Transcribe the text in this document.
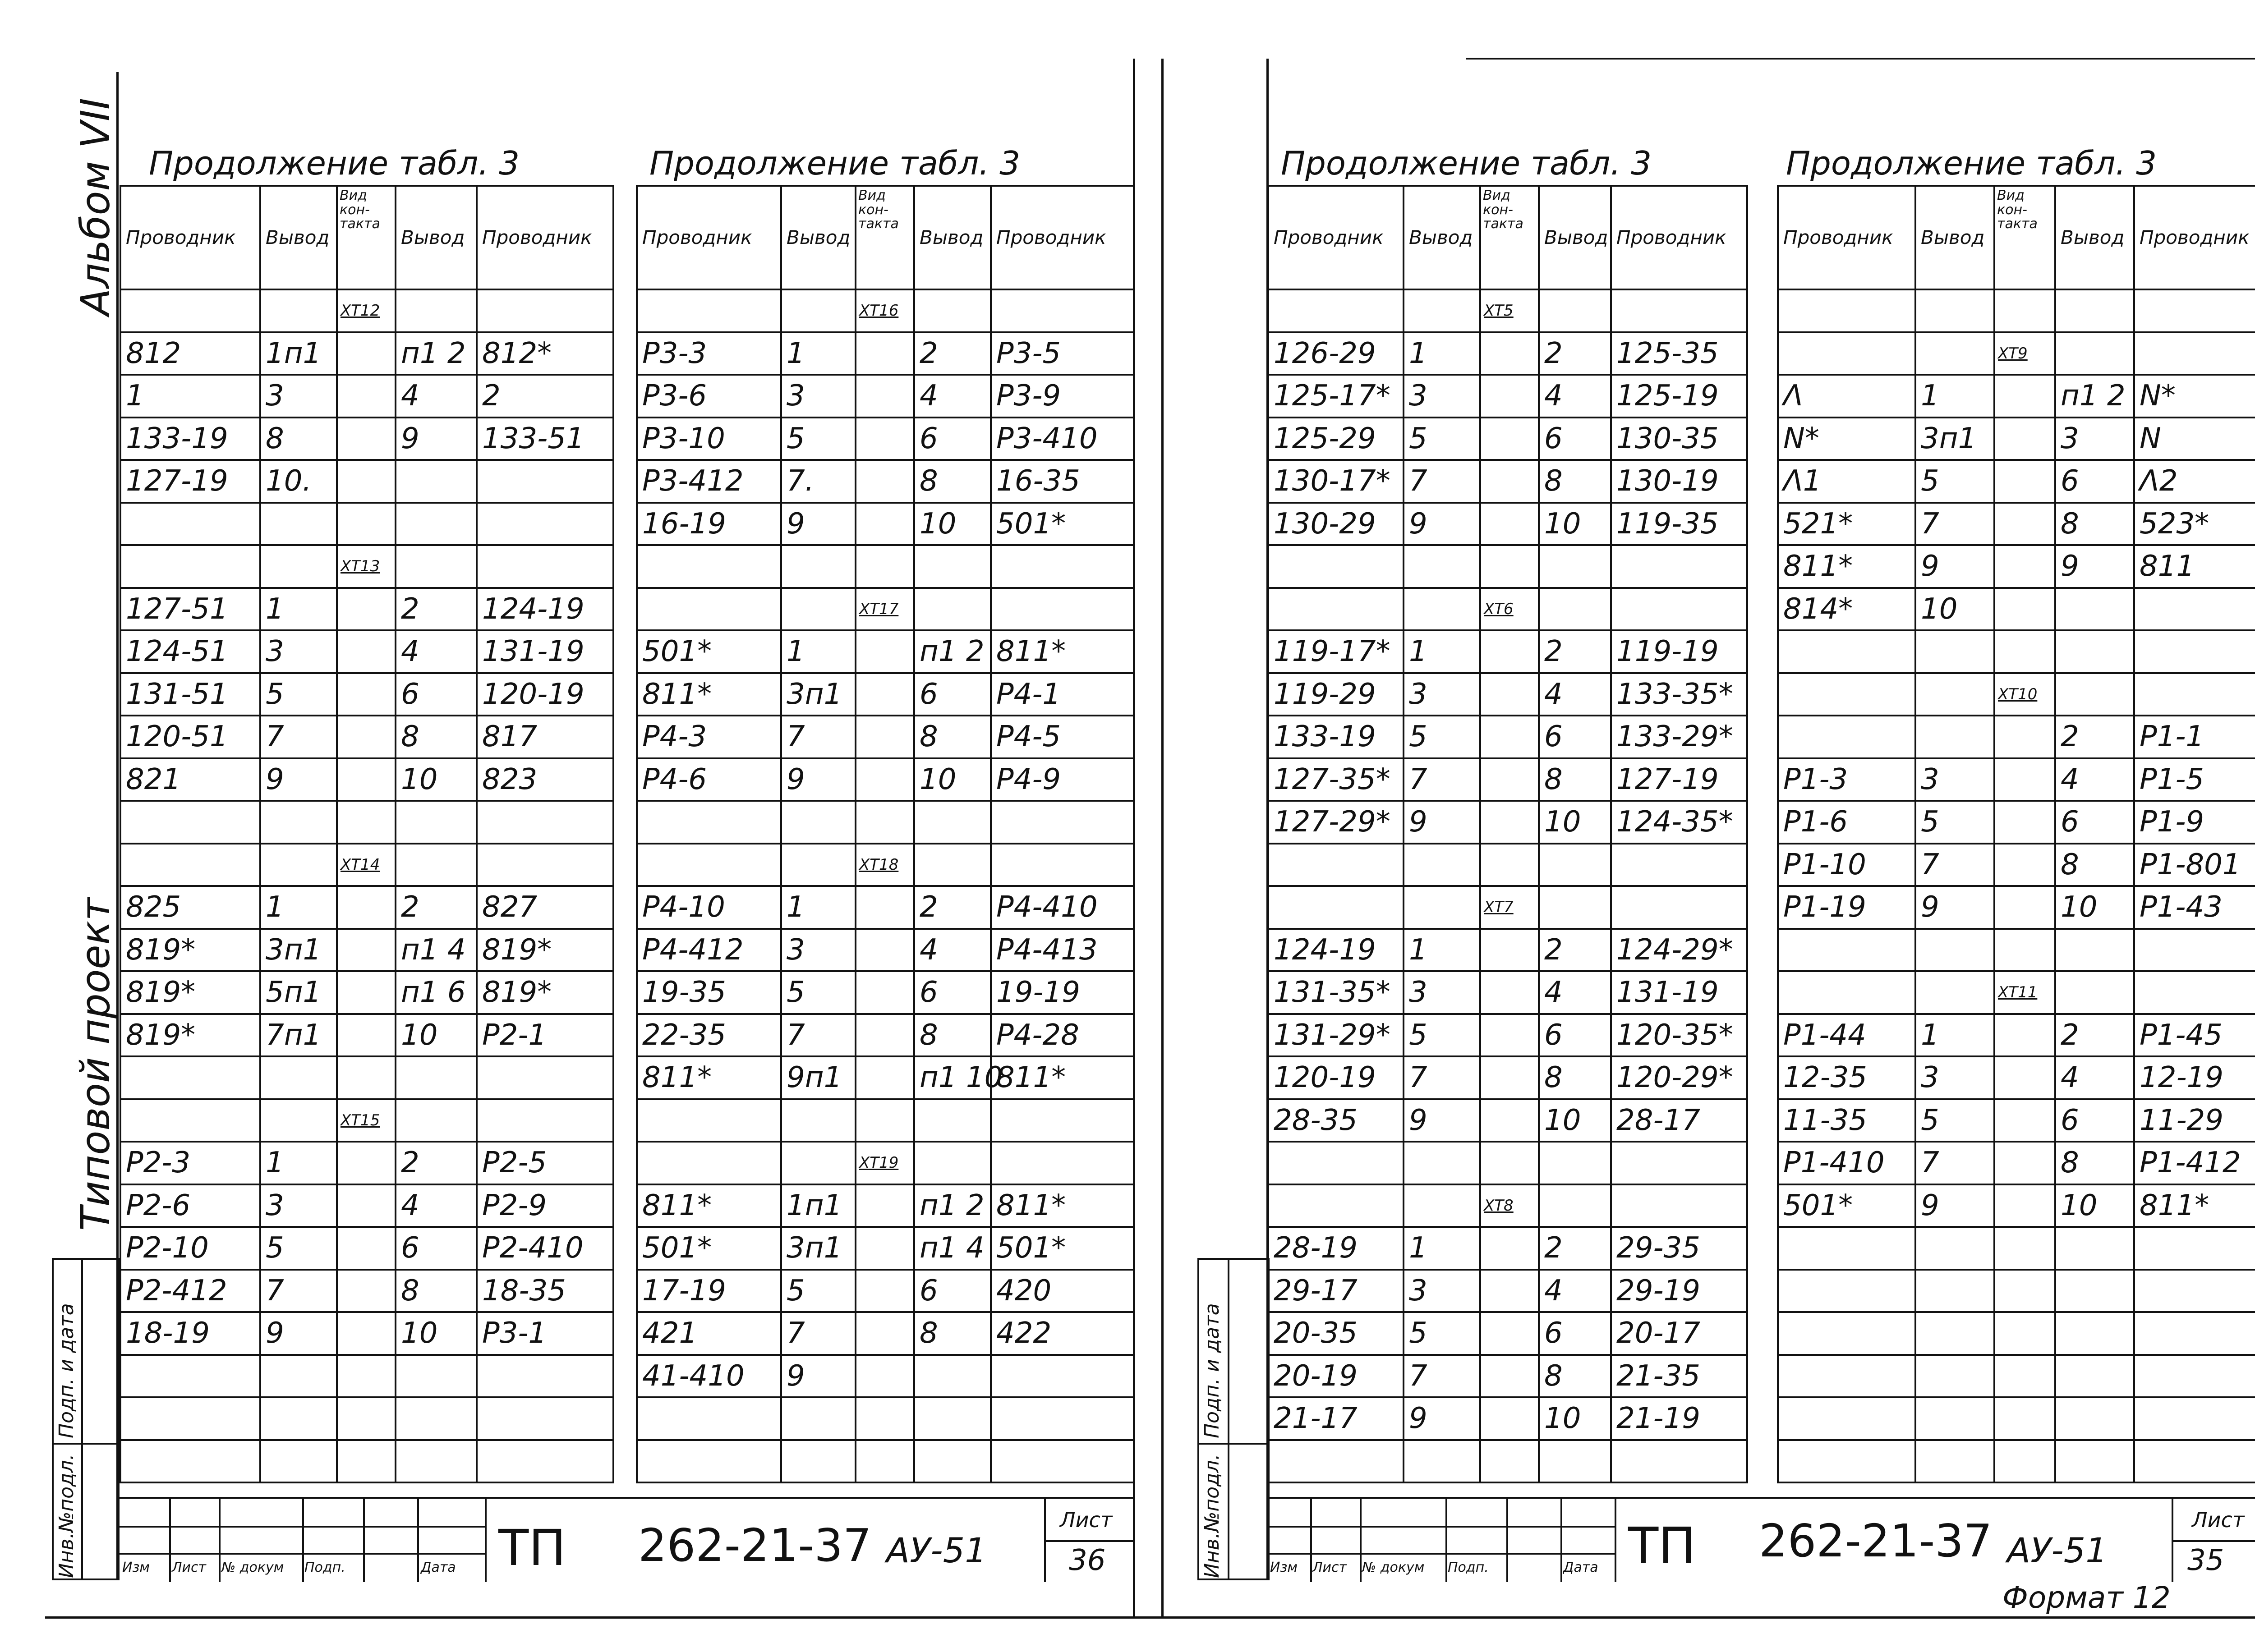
Альбом VII
Типовой проект
Инв.№подл.
Подп. и дата
Инв.№подл.
Подп. и дата
Продолжение табл. 3	Продолжение табл. 3	Продолжение табл. 3	Продолжение табл. 3
Проводник	Вывод	Вид кон-такта	Вывод	Проводник
		XT12		
812	1п1		п1 2	812*
1	3		4	2
133-19	8		9	133-51
127-19	10.			

		XT13		
127-51	1		2	124-19
124-51	3		4	131-19
131-51	5		6	120-19
120-51	7		8	817
821	9		10	823

		XT14		
825	1		2	827
819*	3п1		п1 4	819*
819*	5п1		п1 6	819*
819*	7п1		10	Р2-1

		XT15		
Р2-3	1		2	Р2-5
Р2-6	3		4	Р2-9
Р2-10	5		6	Р2-410
Р2-412	7		8	18-35
18-19	9		10	Р3-1

Проводник	Вывод	Вид кон-такта	Вывод	Проводник
		XT16		
Р3-3	1		2	Р3-5
Р3-6	3		4	Р3-9
Р3-10	5		6	Р3-410
Р3-412	7.		8	16-35
16-19	9		10	501*

		XT17		
501*	1		п1 2	811*
811*	3п1		6	Р4-1
Р4-3	7		8	Р4-5
Р4-6	9		10	Р4-9

		XT18		
Р4-10	1		2	Р4-410
Р4-412	3		4	Р4-413
19-35	5		6	19-19
22-35	7		8	Р4-28
811*	9п1		п1 10	811*

		XT19		
811*	1п1		п1 2	811*
501*	3п1		п1 4	501*
17-19	5		6	420
421	7		8	422
41-410	9			

Проводник	Вывод	Вид кон-такта	Вывод	Проводник
		XT5		
126-29	1		2	125-35
125-17*	3		4	125-19
125-29	5		6	130-35
130-17*	7		8	130-19
130-29	9		10	119-35

		XT6		
119-17*	1		2	119-19
119-29	3		4	133-35*
133-19	5		6	133-29*
127-35*	7		8	127-19
127-29*	9		10	124-35*

		XT7		
124-19	1		2	124-29*
131-35*	3		4	131-19
131-29*	5		6	120-35*
120-19	7		8	120-29*
28-35	9		10	28-17

		XT8		
28-19	1		2	29-35
29-17	3		4	29-19
20-35	5		6	20-17
20-19	7		8	21-35
21-17	9		10	21-19

Проводник	Вывод	Вид кон-такта	Вывод	Проводник

		XT9		
Λ	1		п1 2	N*
N*	3п1		3	N
Λ1	5		6	Λ2
521*	7		8	523*
811*	9		9	811
814*	10			

		XT10		
			2	Р1-1
Р1-3	3		4	Р1-5
Р1-6	5		6	Р1-9
Р1-10	7		8	Р1-801
Р1-19	9		10	Р1-43

		XT11		
Р1-44	1		2	Р1-45
12-35	3		4	12-19
11-35	5		6	11-29
Р1-410	7		8	Р1-412
501*	9		10	811*

Изм Лист № докум Подп.	Дата ТП 262-21-37 АУ-51
Лист
36	Изм Лист № докум Подп.	Дата ТП 262-21-37 АУ-51
Лист
35
Формат 12
